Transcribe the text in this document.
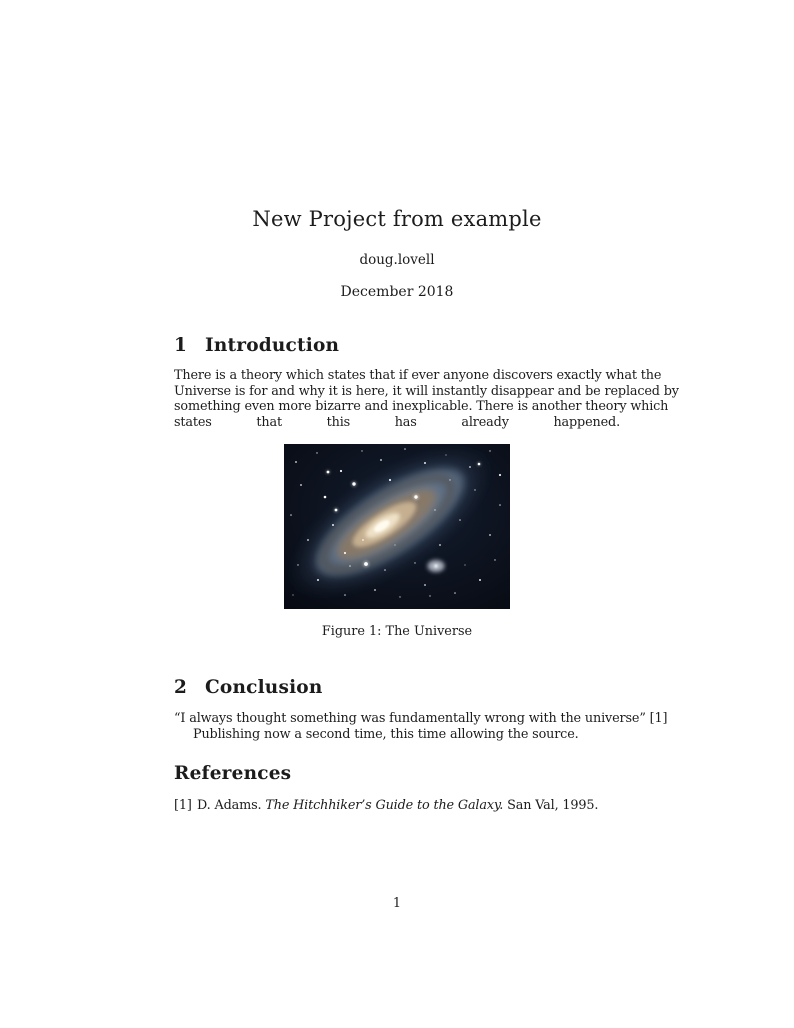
New Project from example
doug.lovell
December 2018
1 Introduction
There is a theory which states that if ever anyone discovers exactly what the
Universe is for and why it is here, it will instantly disappear and be replaced by
something even more bizarre and inexplicable. There is another theory which
states that this has already happened.
Figure 1: The Universe
2 Conclusion
“I always thought something was fundamentally wrong with the universe” [1]
Publishing now a second time, this time allowing the source.
References
[1] D. Adams. The Hitchhiker’s Guide to the Galaxy. San Val, 1995.
1
